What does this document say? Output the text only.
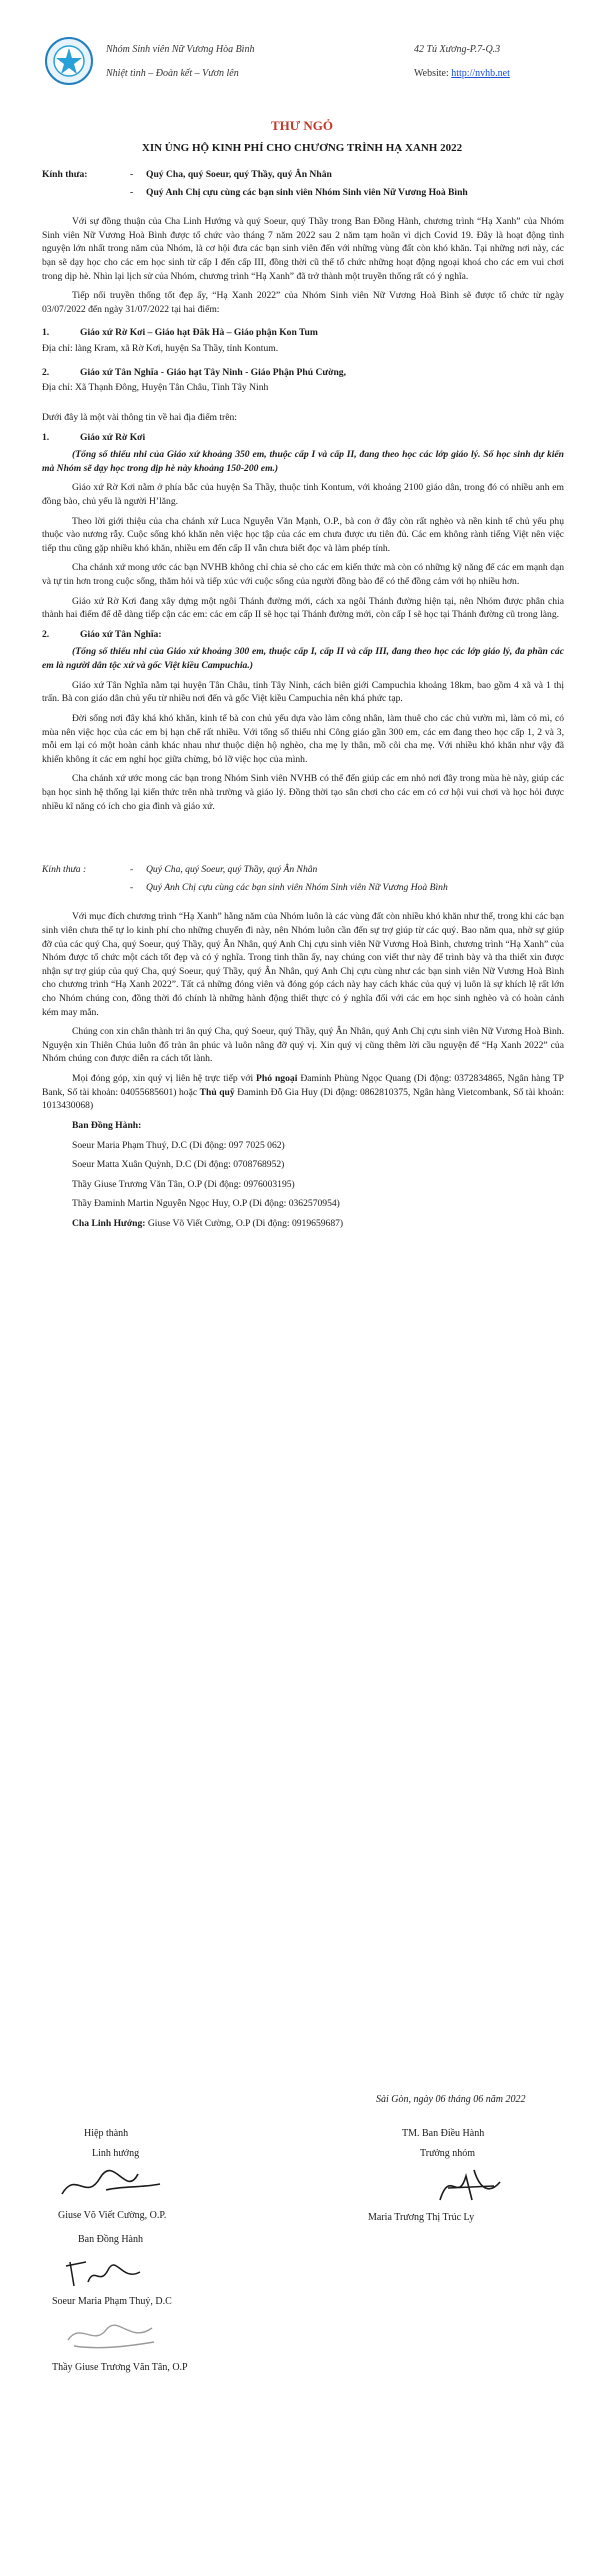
Nhóm Sinh viên Nữ Vương Hòa Bình
Nhiệt tình – Đoàn kết – Vươn lên
42 Tú Xương-P.7-Q.3
Website: http://nvhb.net
THƯ NGỎ
XIN ỦNG HỘ KINH PHÍ CHO CHƯƠNG TRÌNH HẠ XANH 2022
Kính thưa:	-	Quý Cha, quý Soeur, quý Thầy, quý Ân Nhân
-	Quý Anh Chị cựu cùng các bạn sinh viên Nhóm Sinh viên Nữ Vương Hoà Bình

Với sự đồng thuận của Cha Linh Hướng và quý Soeur, quý Thầy trong Ban Đồng Hành, chương trình “Hạ Xanh” của Nhóm Sinh viên Nữ Vương Hoà Bình được tổ chức vào tháng 7 năm 2022 sau 2 năm tạm hoãn vì dịch Covid 19. Đây là hoạt động tình nguyện lớn nhất trong năm của Nhóm, là cơ hội đưa các bạn sinh viên đến với những vùng đất còn khó khăn. Tại những nơi này, các bạn sẽ dạy học cho các em học sinh từ cấp I đến cấp III, đồng thời cũ thể tổ chức những hoạt động ngoại khoá cho các em vui chơi trong dịp hè. Nhìn lại lịch sử của Nhóm, chương trình “Hạ Xanh” đã trở thành một truyền thống rất có ý nghĩa.

Tiếp nối truyền thống tốt đẹp ấy, “Hạ Xanh 2022” của Nhóm Sinh viên Nữ Vương Hoà Bình sẽ được tổ chức từ ngày 03/07/2022 đến ngày 31/07/2022 tại hai điểm:

1.	Giáo xứ Rờ Kơi – Giáo hạt Đăk Hà – Giáo phận Kon Tum
Địa chỉ: làng Kram, xã Rờ Kơi, huyện Sa Thầy, tỉnh Kontum.
2.	Giáo xứ Tân Nghĩa - Giáo hạt Tây Ninh - Giáo Phận Phú Cường,
Địa chỉ: Xã Thạnh Đông, Huyện Tân Châu, Tỉnh Tây Ninh

Dưới đây là một vài thông tin về hai địa điểm trên:

1.	Giáo xứ Rờ Kơi

(Tổng số thiếu nhi của Giáo xứ khoảng 350 em, thuộc cấp I và cấp II, đang theo học các lớp giáo lý. Số học sinh dự kiến mà Nhóm sẽ dạy học trong dịp hè này khoảng 150-200 em.)

Giáo xứ Rờ Kơi nằm ở phía bắc của huyện Sa Thầy, thuộc tỉnh Kontum, với khoảng 2100 giáo dân, trong đó có nhiều anh em đồng bào, chủ yếu là người H’lăng.

Theo lời giới thiệu của cha chánh xứ Luca Nguyễn Văn Mạnh, O.P., bà con ở đây còn rất nghèo và nền kinh tế chủ yếu phụ thuộc vào nương rẫy. Cuộc sống khó khăn nên việc học tập của các em chưa được ưu tiên đủ. Các em không rành tiếng Việt nên việc tiếp thu cũng gặp nhiều khó khăn, nhiều em đến cấp II vẫn chưa biết đọc và làm phép tính.

Cha chánh xứ mong ước các bạn NVHB không chỉ chia sẻ cho các em kiến thức mà còn có những kỹ năng để các em mạnh dạn và tự tin hơn trong cuộc sống, thăm hỏi và tiếp xúc với cuộc sống của người đồng bào để có thể đồng cảm với họ nhiều hơn.

Giáo xứ Rờ Kơi đang xây dựng một ngôi Thánh đường mới, cách xa ngôi Thánh đường hiện tại, nên Nhóm được phân chia thành hai điểm để dễ dàng tiếp cận các em: các em cấp II sẽ học tại Thánh đường mới, còn cấp I sẽ học tại Thánh đường cũ trong làng.

2.	Giáo xứ Tân Nghĩa:

(Tổng số thiếu nhi của Giáo xứ khoảng 300 em, thuộc cấp I, cấp II và cấp III, đang theo học các lớp giáo lý, đa phần các em là người dân tộc xứ và gốc Việt kiều Campuchia.)

Giáo xứ Tân Nghĩa nằm tại huyện Tân Châu, tỉnh Tây Ninh, cách biên giới Campuchia khoảng 18km, bao gồm 4 xã và 1 thị trấn. Bà con giáo dân chủ yếu từ nhiều nơi đến và gốc Việt kiều Campuchia nên khá phức tạp.

Đời sống nơi đây khá khó khăn, kinh tế bà con chủ yếu dựa vào làm công nhân, làm thuê cho các chủ vườn mì, làm cỏ mì, có mùa nên việc học của các em bị hạn chế rất nhiều. Với tổng số thiếu nhi Công giáo gần 300 em, các em đang theo học cấp 1, 2 và 3, mỗi em lại có một hoàn cảnh khác nhau như thuộc diện hộ nghèo, cha mẹ ly thân, mồ côi cha mẹ. Với nhiều khó khăn như vậy đã khiến không ít các em nghỉ học giữa chừng, bỏ lỡ việc học của mình.

Cha chánh xứ ước mong các bạn trong Nhóm Sinh viên NVHB có thể đến giúp các em nhỏ nơi đây trong mùa hè này, giúp các bạn học sinh hệ thống lại kiến thức trên nhà trường và giáo lý. Đồng thời tạo sân chơi cho các em có cơ hội vui chơi và học hỏi được nhiều kĩ năng có ích cho gia đình và giáo xứ.

Kính thưa :	-	Quý Cha, quý Soeur, quý Thầy, quý Ân Nhân
-	Quý Anh Chị cựu cùng các bạn sinh viên Nhóm Sinh viên Nữ Vương Hoà Bình

Với mục đích chương trình “Hạ Xanh” hằng năm của Nhóm luôn là các vùng đất còn nhiều khó khăn như thế, trong khi các bạn sinh viên chưa thể tự lo kinh phí cho những chuyến đi này, nên Nhóm luôn cần đến sự trợ giúp từ các quý. Bao năm qua, nhờ sự giúp đỡ của các quý Cha, quý Soeur, quý Thầy, quý Ân Nhân, quý Anh Chị cựu sinh viên Nữ Vương Hoà Bình, chương trình “Hạ Xanh” của Nhóm được tổ chức một cách tốt đẹp và có ý nghĩa. Trong tinh thần ấy, nay chúng con viết thư này để trình bày và tha thiết xin được nhận sự trợ giúp của quý Cha, quý Soeur, quý Thầy, quý Ân Nhân, quý Anh Chị cựu cùng như các bạn sinh viên Nữ Vương Hoà Bình cho chương trình “Hạ Xanh 2022”. Tất cả những đóng viên và đóng góp cách này hay cách khác của quý vị luôn là sự khích lệ rất lớn cho Nhóm chúng con, đồng thời đó chính là những hành động thiết thực có ý nghĩa đối với các em học sinh nghèo và có hoàn cảnh kém may mắn.

Chúng con xin chân thành tri ân quý Cha, quý Soeur, quý Thầy, quý Ân Nhân, quý Anh Chị cựu sinh viên Nữ Vương Hoà Bình. Nguyện xin Thiên Chúa luôn đổ tràn ân phúc và luôn nâng đỡ quý vị. Xin quý vị cũng thêm lời cầu nguyện để “Hạ Xanh 2022” của Nhóm chúng con được diễn ra cách tốt lành.

Mọi đóng góp, xin quý vị liên hệ trực tiếp với Phó ngoại Đaminh Phùng Ngọc Quang (Di động: 0372834865, Ngân hàng TP Bank, Số tài khoản: 04055685601) hoặc Thủ quỹ Đaminh Đỗ Gia Huy (Di động: 0862810375, Ngân hàng Vietcombank, Số tài khoản: 1013430068)

Ban Đồng Hành:
Soeur Maria Phạm Thuý, D.C (Di động: 097 7025 062)
Soeur Matta Xuân Quỳnh, D.C (Di động: 0708768952)
Thầy Giuse Trương Văn Tân, O.P (Di động: 0976003195)
Thầy Đaminh Martin Nguyễn Ngọc Huy, O.P (Di động: 0362570954)
Cha Linh Hướng: Giuse Võ Viết Cường, O.P (Di động: 0919659687)
Sài Gòn, ngày 06 tháng 06 năm 2022
Hiệp thành
Linh hướng
Giuse Võ Viết Cường, O.P.
TM. Ban Điều Hành
Trưởng nhóm
Maria Trương Thị Trúc Ly
Ban Đồng Hành
Soeur Maria Phạm Thuý, D.C
Thầy Giuse Trương Văn Tân, O.P
